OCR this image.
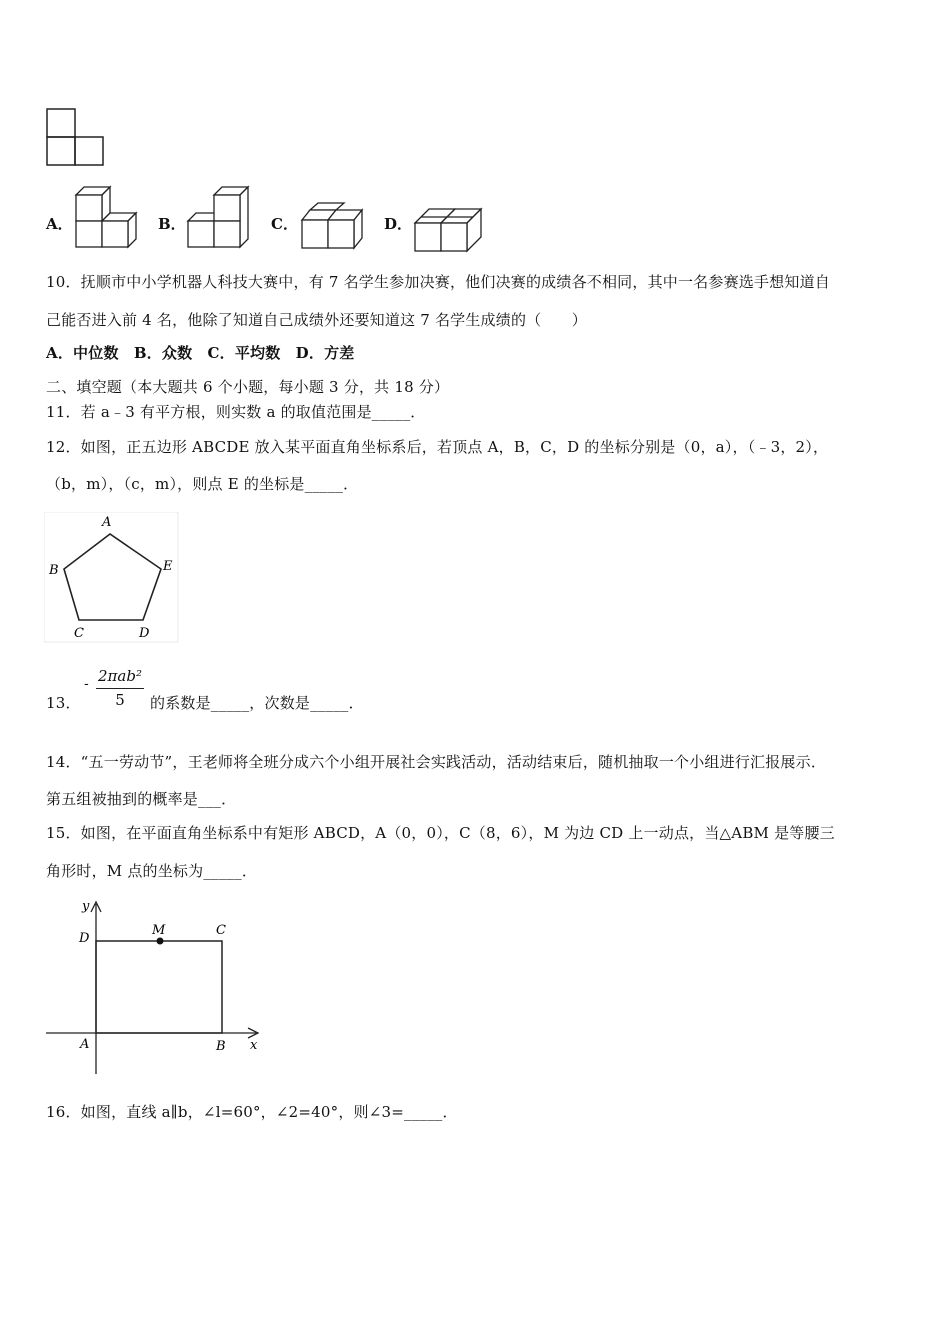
A．	B．	C．	D．
10．抚顺市中小学机器人科技大赛中，有 7 名学生参加决赛，他们决赛的成绩各不相同，其中一名参赛选手想知道自
己能否进入前 4 名，他除了知道自己成绩外还要知道这 7 名学生成绩的（　　）
A．中位数　B．众数　C．平均数　D．方差
二、填空题（本大题共 6 个小题，每小题 3 分，共 18 分）
11．若 a﹣3 有平方根，则实数 a 的取值范围是_____．
12．如图，正五边形 ABCDE 放入某平面直角坐标系后，若顶点 A，B，C，D 的坐标分别是（0，a），（﹣3，2），
（b，m），（c，m），则点 E 的坐标是_____．
A
B
C	D
E
13．
- 2πab²
5	的系数是_____，次数是_____．
14．“五一劳动节”，王老师将全班分成六个小组开展社会实践活动，活动结束后，随机抽取一个小组进行汇报展示．
第五组被抽到的概率是___．
15．如图，在平面直角坐标系中有矩形 ABCD，A（0，0），C（8，6），M 为边 CD 上一动点，当△ABM 是等腰三
角形时，M 点的坐标为_____．
y
x
D
M	C
A	B
16．如图，直线 a∥b，∠l=60°，∠2=40°，则∠3=_____．
